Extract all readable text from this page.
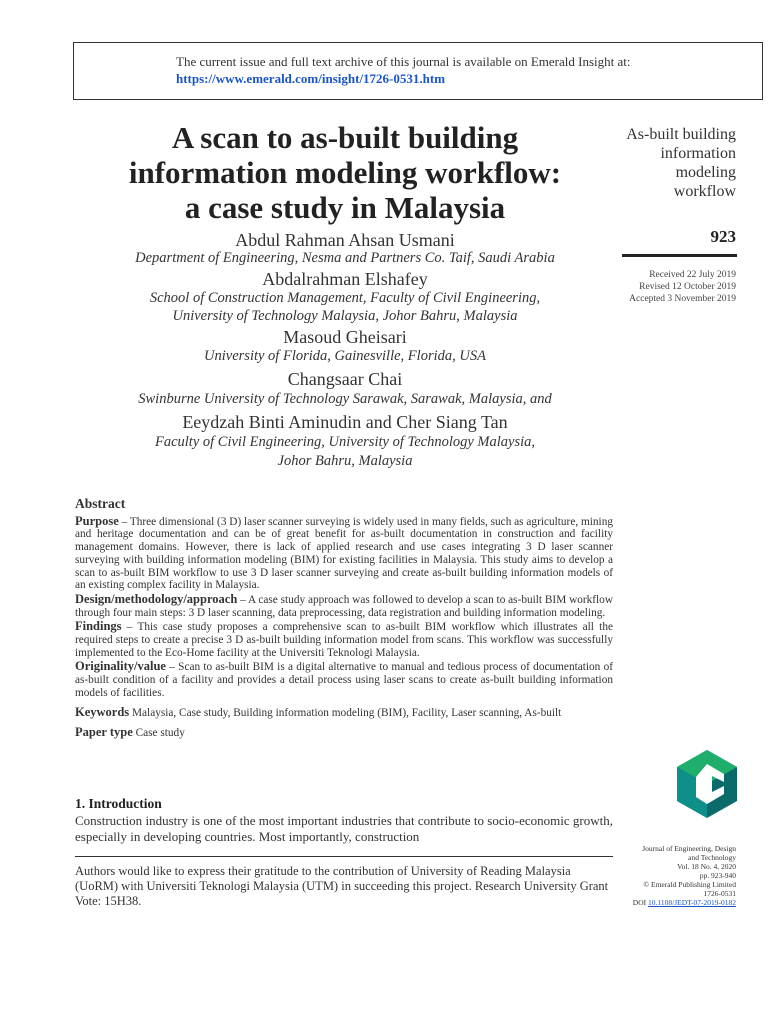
The current issue and full text archive of this journal is available on Emerald Insight at:
https://www.emerald.com/insight/1726-0531.htm
A scan to as-built building
information modeling workflow:
a case study in Malaysia
Abdul Rahman Ahsan Usmani
Department of Engineering, Nesma and Partners Co. Taif, Saudi Arabia
Abdalrahman Elshafey
School of Construction Management, Faculty of Civil Engineering,
University of Technology Malaysia, Johor Bahru, Malaysia
Masoud Gheisari
University of Florida, Gainesville, Florida, USA
Changsaar Chai
Swinburne University of Technology Sarawak, Sarawak, Malaysia, and
Eeydzah Binti Aminudin and Cher Siang Tan
Faculty of Civil Engineering, University of Technology Malaysia,
Johor Bahru, Malaysia
As-built building
information
modeling
workflow
923
Received 22 July 2019
Revised 12 October 2019
Accepted 3 November 2019
Abstract

Purpose – Three dimensional (3 D) laser scanner surveying is widely used in many fields, such as agriculture, mining and heritage documentation and can be of great benefit for as-built documentation in construction and facility management domains. However, there is lack of applied research and use cases integrating 3 D laser scanner surveying with building information modeling (BIM) for existing facilities in Malaysia. This study aims to develop a scan to as-built BIM workflow to use 3 D laser scanner surveying and create as-built building information models of an existing complex facility in Malaysia.

Design/methodology/approach – A case study approach was followed to develop a scan to as-built BIM workflow through four main steps: 3 D laser scanning, data preprocessing, data registration and building information modeling.

Findings – This case study proposes a comprehensive scan to as-built BIM workflow which illustrates all the required steps to create a precise 3 D as-built building information model from scans. This workflow was successfully implemented to the Eco-Home facility at the Universiti Teknologi Malaysia.

Originality/value – Scan to as-built BIM is a digital alternative to manual and tedious process of documentation of as-built condition of a facility and provides a detail process using laser scans to create as-built building information models of facilities.

Keywords Malaysia, Case study, Building information modeling (BIM), Facility, Laser scanning, As-built

Paper type Case study

1. Introduction
Construction industry is one of the most important industries that contribute to socio-economic growth, especially in developing countries. Most importantly, construction
Authors would like to express their gratitude to the contribution of University of Reading Malaysia (UoRM) with Universiti Teknologi Malaysia (UTM) in succeeding this project. Research University Grant Vote: 15H38.
Journal of Engineering, Design
and Technology
Vol. 18 No. 4, 2020
pp. 923-940
© Emerald Publishing Limited
1726-0531
DOI 10.1108/JEDT-07-2019-0182
